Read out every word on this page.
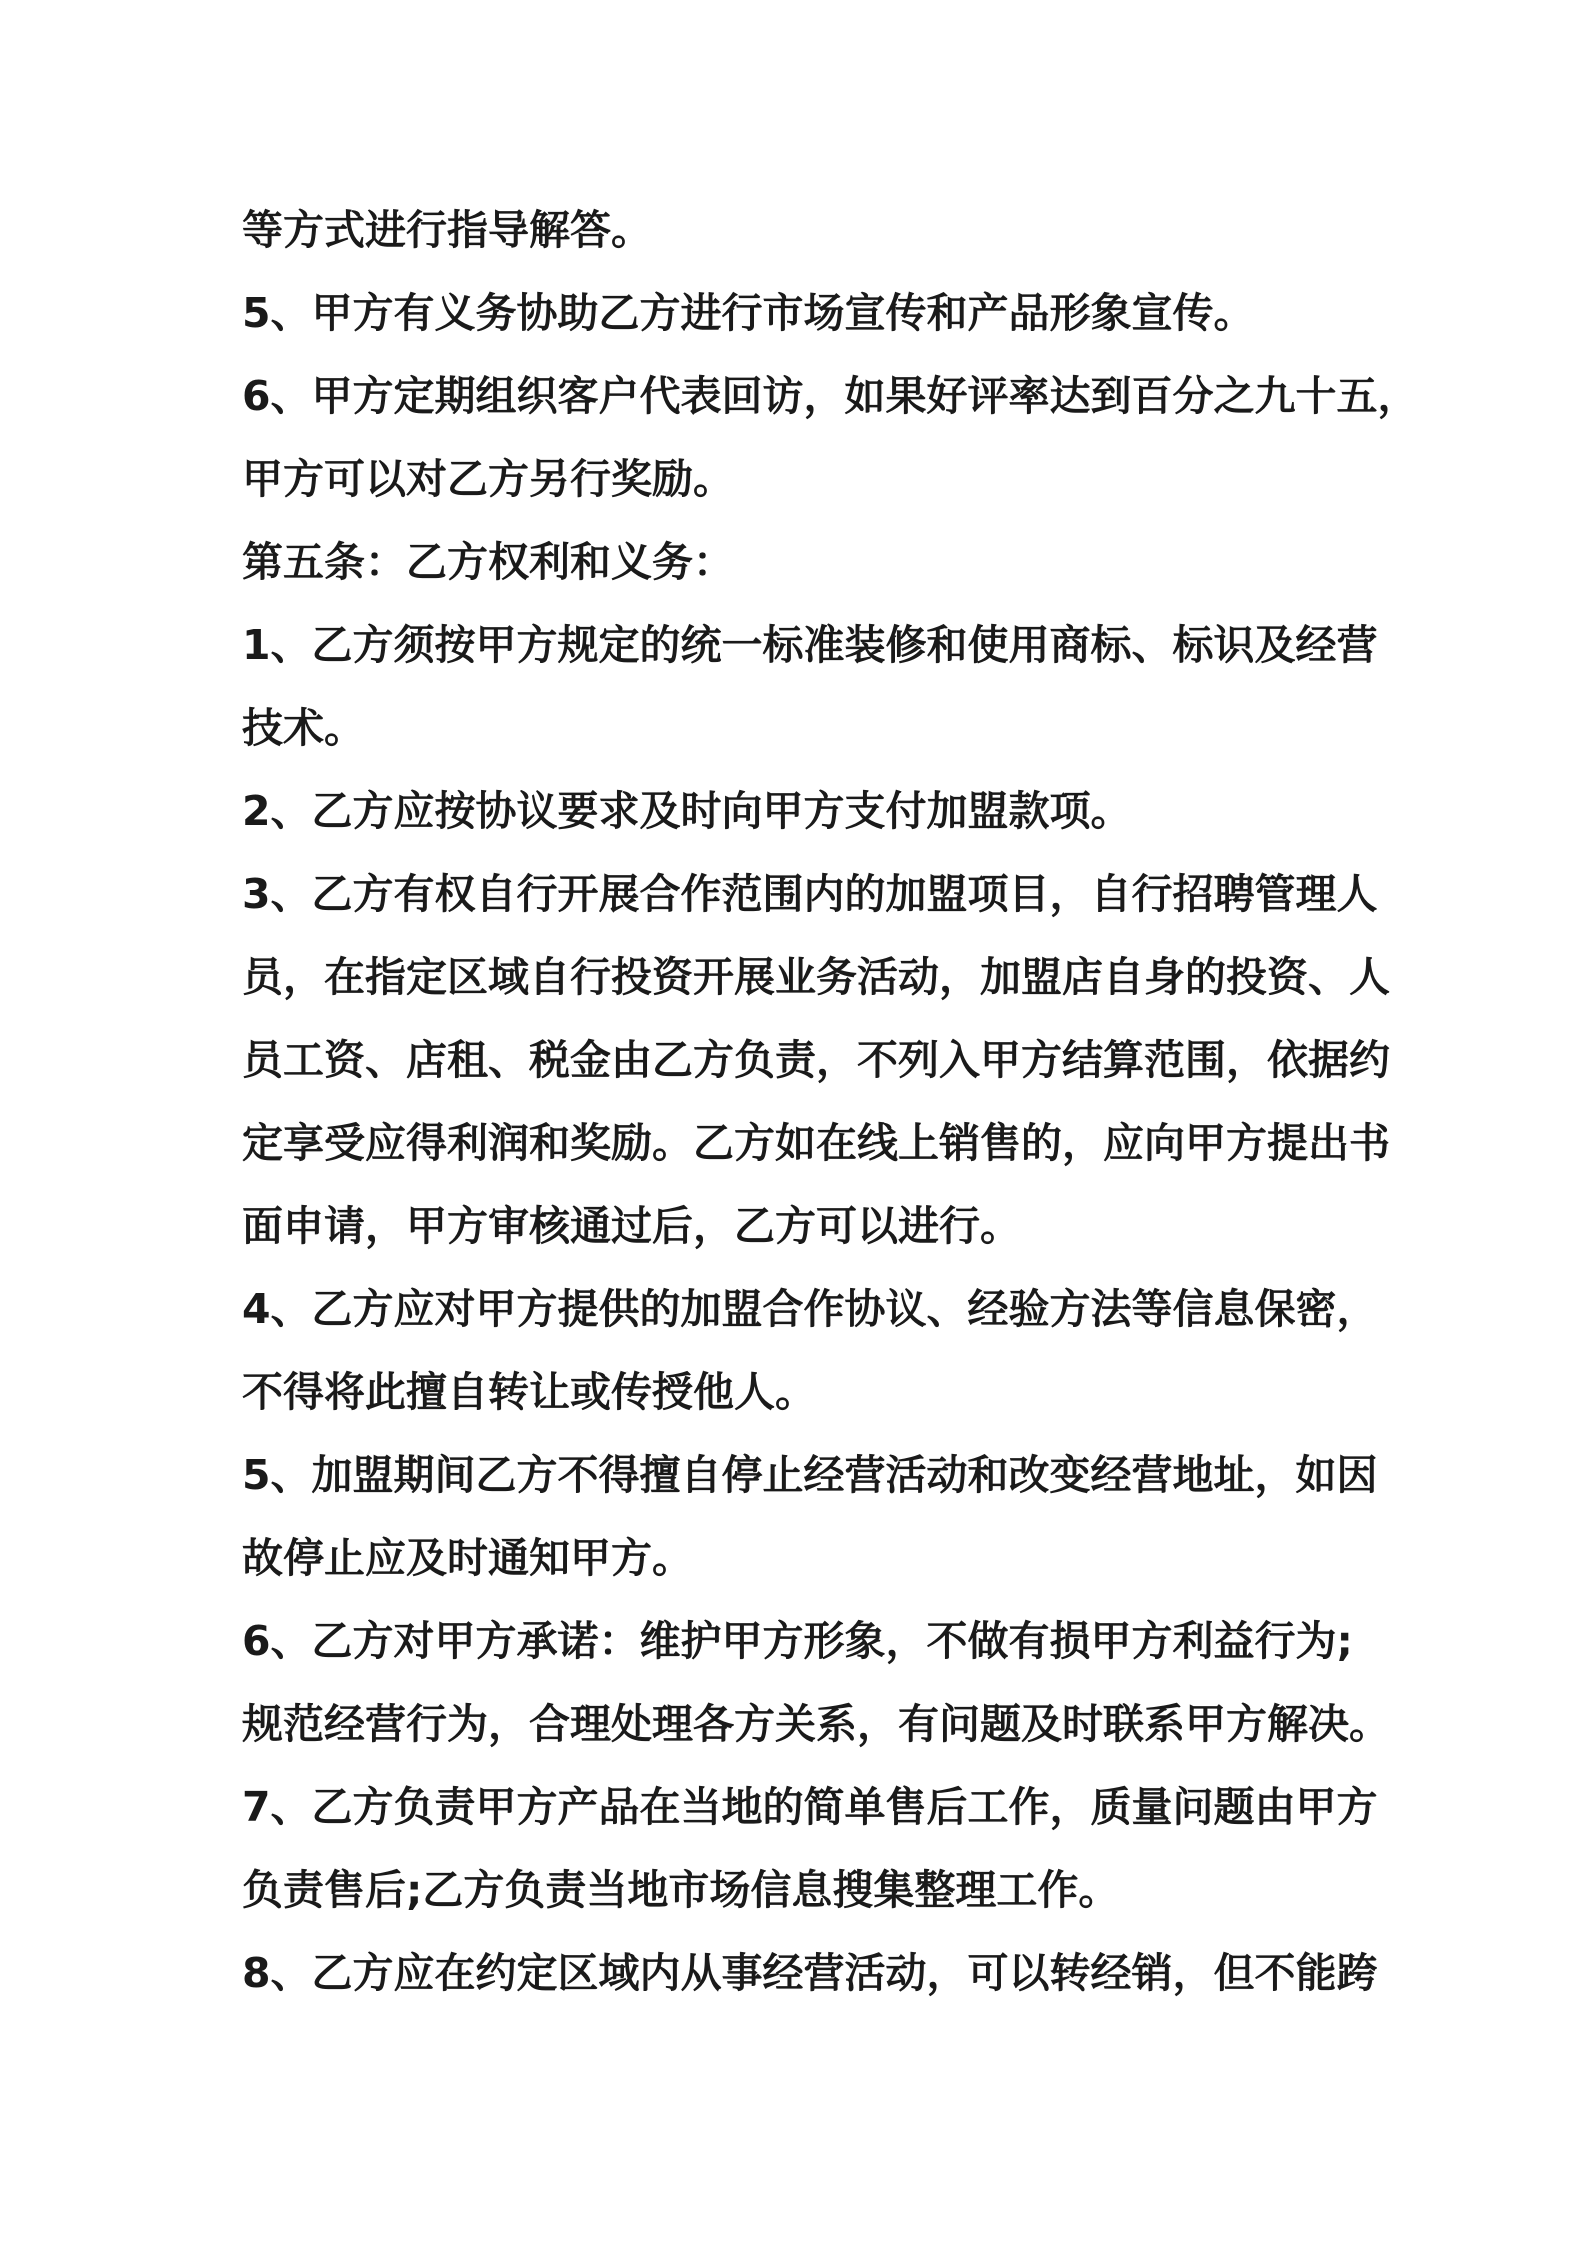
等方式进行指导解答。
5、甲方有义务协助乙方进行市场宣传和产品形象宣传。
6、甲方定期组织客户代表回访，如果好评率达到百分之九十五，
甲方可以对乙方另行奖励。
第五条：乙方权利和义务：
1、乙方须按甲方规定的统一标准装修和使用商标、标识及经营
技术。
2、乙方应按协议要求及时向甲方支付加盟款项。
3、乙方有权自行开展合作范围内的加盟项目，自行招聘管理人
员，在指定区域自行投资开展业务活动，加盟店自身的投资、人
员工资、店租、税金由乙方负责，不列入甲方结算范围，依据约
定享受应得利润和奖励。乙方如在线上销售的，应向甲方提出书
面申请，甲方审核通过后，乙方可以进行。
4、乙方应对甲方提供的加盟合作协议、经验方法等信息保密，
不得将此擅自转让或传授他人。
5、加盟期间乙方不得擅自停止经营活动和改变经营地址，如因
故停止应及时通知甲方。
6、乙方对甲方承诺：维护甲方形象，不做有损甲方利益行为;
规范经营行为，合理处理各方关系，有问题及时联系甲方解决。
7、乙方负责甲方产品在当地的简单售后工作，质量问题由甲方
负责售后;乙方负责当地市场信息搜集整理工作。
8、乙方应在约定区域内从事经营活动，可以转经销，但不能跨
